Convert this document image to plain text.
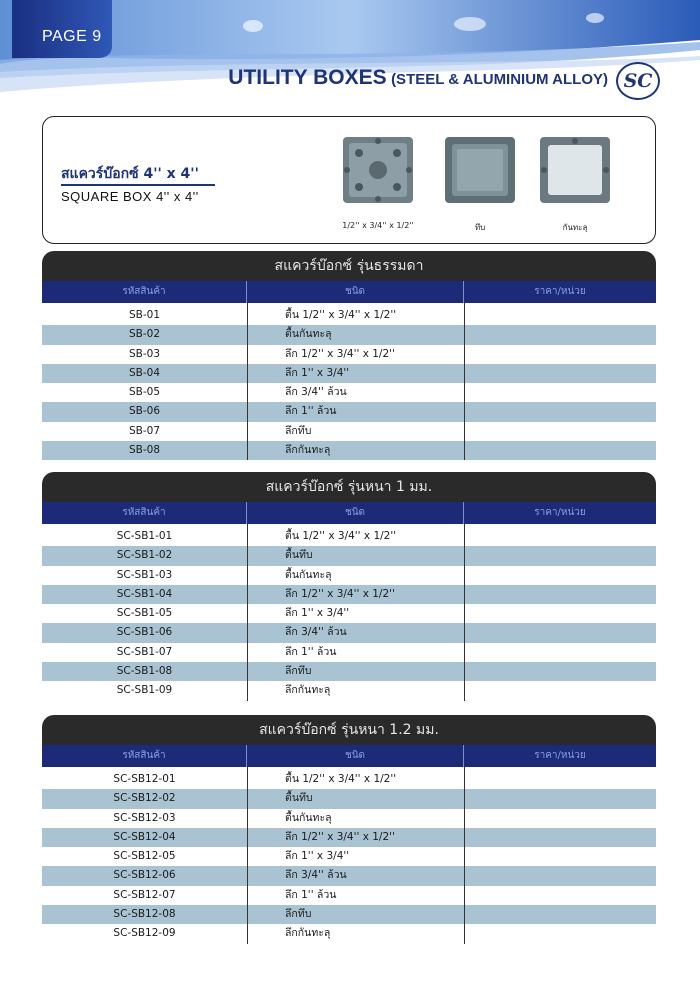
PAGE 9
UTILITY BOXES (STEEL & ALUMINIUM ALLOY) SC
สแควร์บ๊อกซ์ 4'' x 4''
SQUARE BOX 4'' x 4''
1/2'' x 3/4'' x 1/2''	ทึบ	กันทะลุ
สแควร์บ๊อกซ์ รุ่นธรรมดา
รหัสสินค้า	ชนิด	ราคา/หน่วย
SB-01	ตื้น 1/2'' x 3/4'' x 1/2''
SB-02	ตื้นกันทะลุ
SB-03	ลึก 1/2'' x 3/4'' x 1/2''
SB-04	ลึก 1'' x 3/4''
SB-05	ลึก 3/4'' ล้วน
SB-06	ลึก 1'' ล้วน
SB-07	ลึกทึบ
SB-08	ลึกกันทะลุ
สแควร์บ๊อกซ์ รุ่นหนา 1 มม.
รหัสสินค้า	ชนิด	ราคา/หน่วย
SC-SB1-01	ตื้น 1/2'' x 3/4'' x 1/2''
SC-SB1-02	ตื้นทึบ
SC-SB1-03	ตื้นกันทะลุ
SC-SB1-04	ลึก 1/2'' x 3/4'' x 1/2''
SC-SB1-05	ลึก 1'' x 3/4''
SC-SB1-06	ลึก 3/4'' ล้วน
SC-SB1-07	ลึก 1'' ล้วน
SC-SB1-08	ลึกทึบ
SC-SB1-09	ลึกกันทะลุ
สแควร์บ๊อกซ์ รุ่นหนา 1.2 มม.
รหัสสินค้า	ชนิด	ราคา/หน่วย
SC-SB12-01	ตื้น 1/2'' x 3/4'' x 1/2''
SC-SB12-02	ตื้นทึบ
SC-SB12-03	ตื้นกันทะลุ
SC-SB12-04	ลึก 1/2'' x 3/4'' x 1/2''
SC-SB12-05	ลึก 1'' x 3/4''
SC-SB12-06	ลึก 3/4'' ล้วน
SC-SB12-07	ลึก 1'' ล้วน
SC-SB12-08	ลึกทึบ
SC-SB12-09	ลึกกันทะลุ
